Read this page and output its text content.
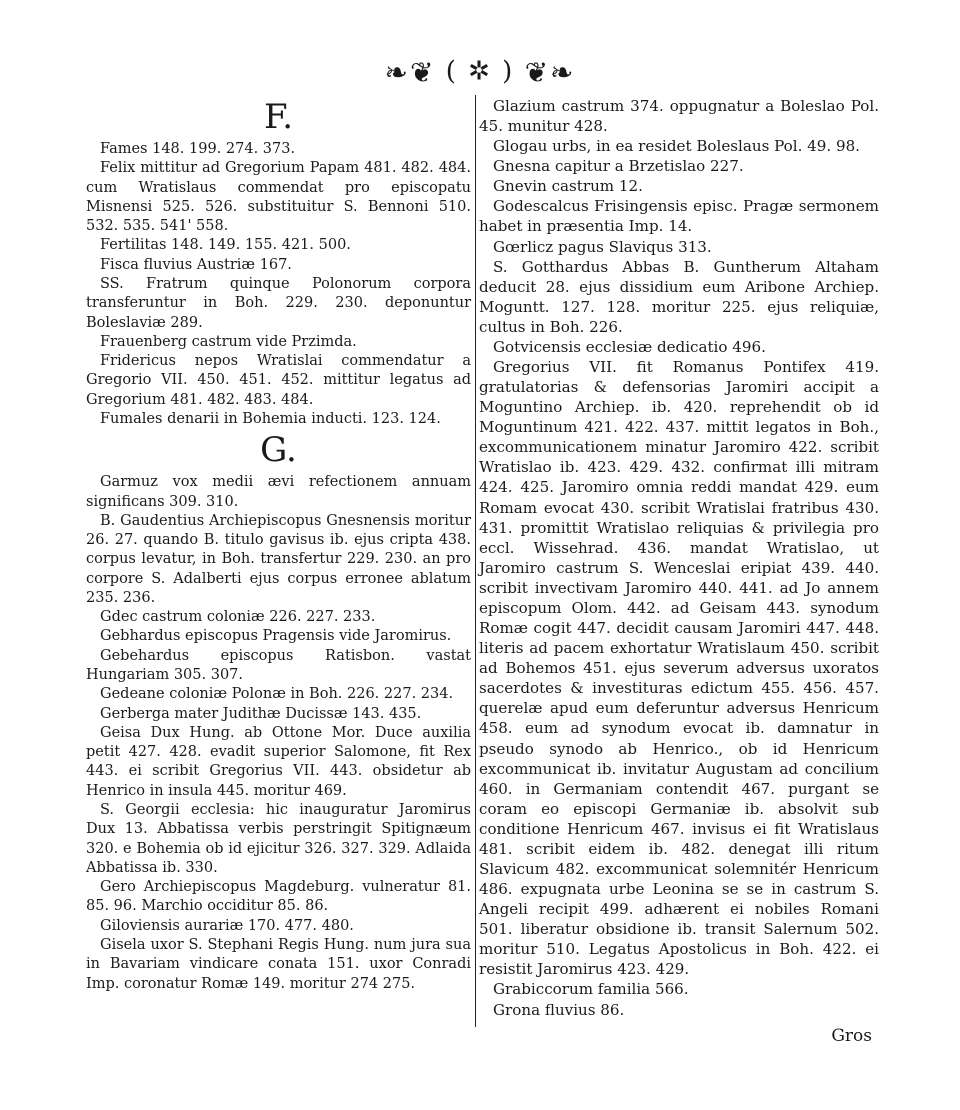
❧❦ ( ✲ ) ❦❧
F.

Fames 148. 199. 274. 373.

Felix mittitur ad Gregorium Papam 481. 482. 484. cum Wratislaus commendat pro episcopatu Misnensi 525. 526. substituitur S. Bennoni 510. 532. 535. 541' 558.

Fertilitas 148. 149. 155. 421. 500.

Fisca fluvius Austriæ 167.

SS. Fratrum quinque Polonorum corpora transferuntur in Boh. 229. 230. deponuntur Boleslaviæ 289.

Frauenberg castrum vide Przimda.

Fridericus nepos Wratislai commendatur a Gregorio VII. 450. 451. 452. mittitur legatus ad Gregorium 481. 482. 483. 484.

Fumales denarii in Bohemia inducti. 123. 124.

G.

Garmuz vox medii ævi refectionem annuam significans 309. 310.

B. Gaudentius Archiepiscopus Gnesnensis moritur 26. 27. quando B. titulo gavisus ib. ejus cripta 438. corpus levatur, in Boh. transfertur 229. 230. an pro corpore S. Adalberti ejus corpus erronee ablatum 235. 236.

Gdec castrum coloniæ 226. 227. 233.

Gebhardus episcopus Pragensis vide Jaromirus.

Gebehardus episcopus Ratisbon. vastat Hungariam 305. 307.

Gedeane coloniæ Polonæ in Boh. 226. 227. 234.

Gerberga mater Judithæ Ducissæ 143. 435.

Geisa Dux Hung. ab Ottone Mor. Duce auxilia petit 427. 428. evadit superior Salomone, fit Rex 443. ei scribit Gregorius VII. 443. obsidetur ab Henrico in insula 445. moritur 469.

S. Georgii ecclesia: hic inauguratur Jaromirus Dux 13. Abbatissa verbis perstringit Spitignæum 320. e Bohemia ob id ejicitur 326. 327. 329. Adlaida Abbatissa ib. 330.

Gero Archiepiscopus Magdeburg. vulneratur 81. 85. 96. Marchio occiditur 85. 86.

Giloviensis aurariæ 170. 477. 480.

Gisela uxor S. Stephani Regis Hung. num jura sua in Bavariam vindicare conata 151. uxor Conradi Imp. coronatur Romæ 149. moritur 274 275.

Glazium castrum 374. oppugnatur a Boleslao Pol. 45. munitur 428.

Glogau urbs, in ea residet Boleslaus Pol. 49. 98.

Gnesna capitur a Brzetislao 227.

Gnevin castrum 12.

Godescalcus Frisingensis episc. Pragæ sermonem habet in præsentia Imp. 14.

Gœrlicz pagus Slaviqus 313.

S. Gotthardus Abbas B. Guntherum Altaham deducit 28. ejus dissidium eum Aribone Archiep. Moguntt. 127. 128. moritur 225. ejus reliquiæ, cultus in Boh. 226.

Gotvicensis ecclesiæ dedicatio 496.

Gregorius VII. fit Romanus Pontifex 419. gratulatorias & defensorias Jaromiri accipit a Moguntino Archiep. ib. 420. reprehendit ob id Moguntinum 421. 422. 437. mittit legatos in Boh., excommunicationem minatur Jaromiro 422. scribit Wratislao ib. 423. 429. 432. confirmat illi mitram 424. 425. Jaromiro omnia reddi mandat 429. eum Romam evocat 430. scribit Wratislai fratribus 430. 431. promittit Wratislao reliquias & privilegia pro eccl. Wissehrad. 436. mandat Wratislao, ut Jaromiro castrum S. Wenceslai eripiat 439. 440. scribit invectivam Jaromiro 440. 441. ad Jo annem episcopum Olom. 442. ad Geisam 443. synodum Romæ cogit 447. decidit causam Jaromiri 447. 448. literis ad pacem exhortatur Wratislaum 450. scribit ad Bohemos 451. ejus severum adversus uxoratos sacerdotes & investituras edictum 455. 456. 457. querelæ apud eum deferuntur adversus Henricum 458. eum ad synodum evocat ib. damnatur in pseudo synodo ab Henrico., ob id Henricum excommunicat ib. invitatur Augustam ad concilium 460. in Germaniam contendit 467. purgant se coram eo episcopi Germaniæ ib. absolvit sub conditione Henricum 467. invisus ei fit Wratislaus 481. scribit eidem ib. 482. denegat illi ritum Slavicum 482. excommunicat solemnitér Henricum 486. expugnata urbe Leonina se se in castrum S. Angeli recipit 499. adhærent ei nobiles Romani 501. liberatur obsidione ib. transit Salernum 502. moritur 510. Legatus Apostolicus in Boh. 422. ei resistit Jaromirus 423. 429.

Grabiccorum familia 566.

Grona fluvius 86.

Gros
